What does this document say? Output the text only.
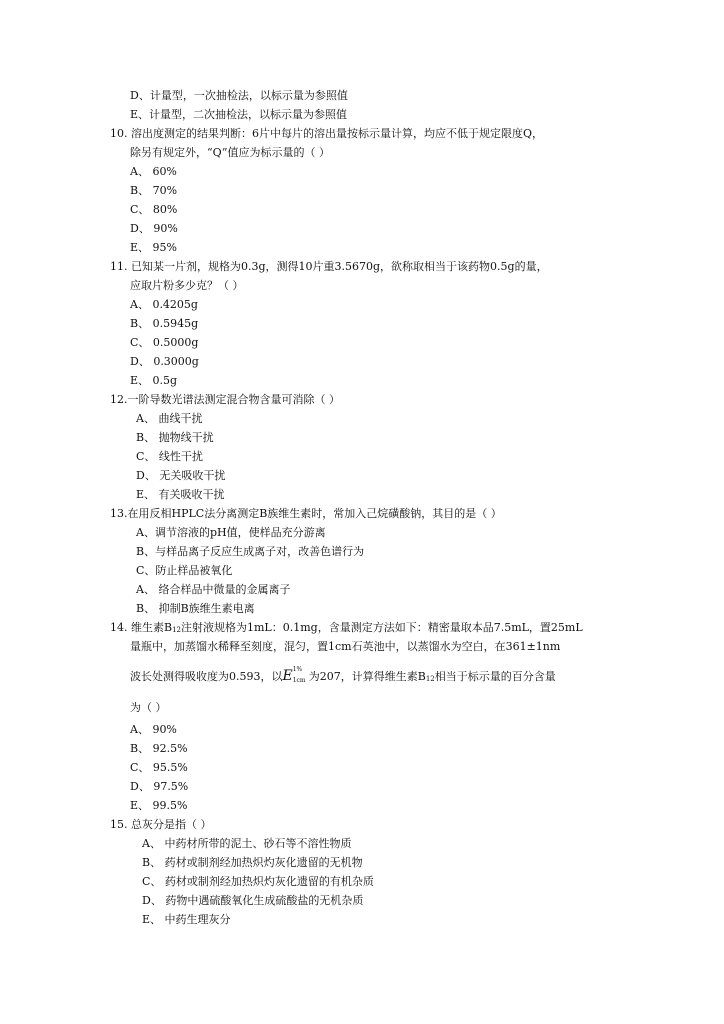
D、计量型，一次抽检法，以标示量为参照值
E、计量型，二次抽检法，以标示量为参照值
10. 溶出度测定的结果判断：6片中每片的溶出量按标示量计算，均应不低于规定限度Q，
除另有规定外，“Q”值应为标示量的（ ）
A、 60%
B、 70%
C、 80%
D、 90%
E、 95%
11. 已知某一片剂，规格为0.3g，测得10片重3.5670g，欲称取相当于该药物0.5g的量，
应取片粉多少克？（ ）
A、 0.4205g
B、 0.5945g
C、 0.5000g
D、 0.3000g
E、 0.5g
12.一阶导数光谱法测定混合物含量可消除（ ）
A、 曲线干扰
B、 抛物线干扰
C、 线性干扰
D、 无关吸收干扰
E、 有关吸收干扰
13.在用反相HPLC法分离测定B族维生素时，常加入己烷磺酸钠，其目的是（ ）
A、调节溶液的pH值，使样品充分游离
B、与样品离子反应生成离子对，改善色谱行为
C、防止样品被氧化
A、 络合样品中微量的金属离子
B、 抑制B族维生素电离
14. 维生素B12注射液规格为1mL：0.1mg，含量测定方法如下：精密量取本品7.5mL，置25mL
量瓶中，加蒸馏水稀释至刻度，混匀，置1cm石英池中，以蒸馏水为空白，在361±1nm
波长处测得吸收度为0.593，以E 1%
1cm 为207，计算得维生素B12相当于标示量的百分含量
为（ ）
A、 90%
B、 92.5%
C、 95.5%
D、 97.5%
E、 99.5%
15. 总灰分是指（ ）
A、 中药材所带的泥土、砂石等不溶性物质
B、 药材或制剂经加热炽灼灰化遗留的无机物
C、 药材或制剂经加热炽灼灰化遗留的有机杂质
D、 药物中遇硫酸氧化生成硫酸盐的无机杂质
E、 中药生理灰分
